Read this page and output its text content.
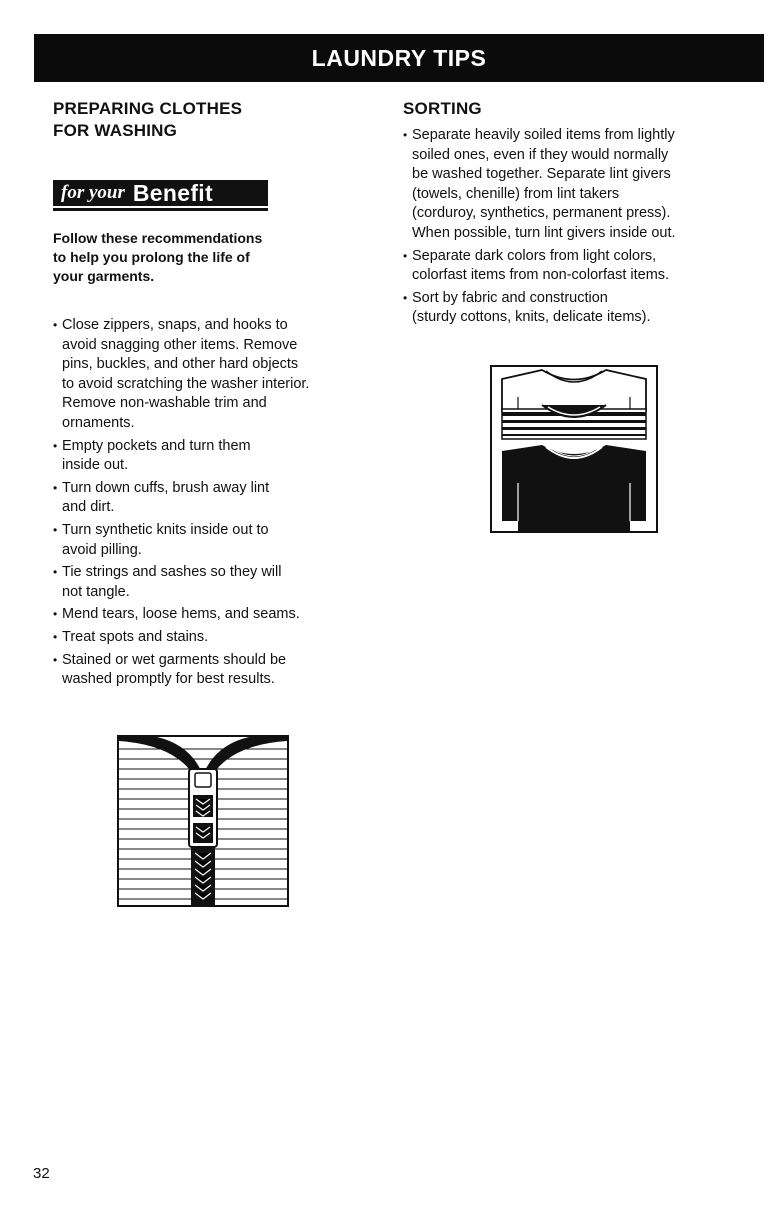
LAUNDRY TIPS
PREPARING CLOTHES
FOR WASHING
for your Benefit
Follow these recommendations
to help you prolong the life of
your garments.
• Close zippers, snaps, and hooks to
avoid snagging other items. Remove
pins, buckles, and other hard objects
to avoid scratching the washer interior.
Remove non-washable trim and
ornaments.
• Empty pockets and turn them
inside out.
• Turn down cuffs, brush away lint
and dirt.
• Turn synthetic knits inside out to
avoid pilling.
• Tie strings and sashes so they will
not tangle.
• Mend tears, loose hems, and seams.
• Treat spots and stains.
• Stained or wet garments should be
washed promptly for best results.
SORTING
• Separate heavily soiled items from lightly
soiled ones, even if they would normally
be washed together. Separate lint givers
(towels, chenille) from lint takers
(corduroy, synthetics, permanent press).
When possible, turn lint givers inside out.
• Separate dark colors from light colors,
colorfast items from non-colorfast items.
• Sort by fabric and construction
(sturdy cottons, knits, delicate items).
32
